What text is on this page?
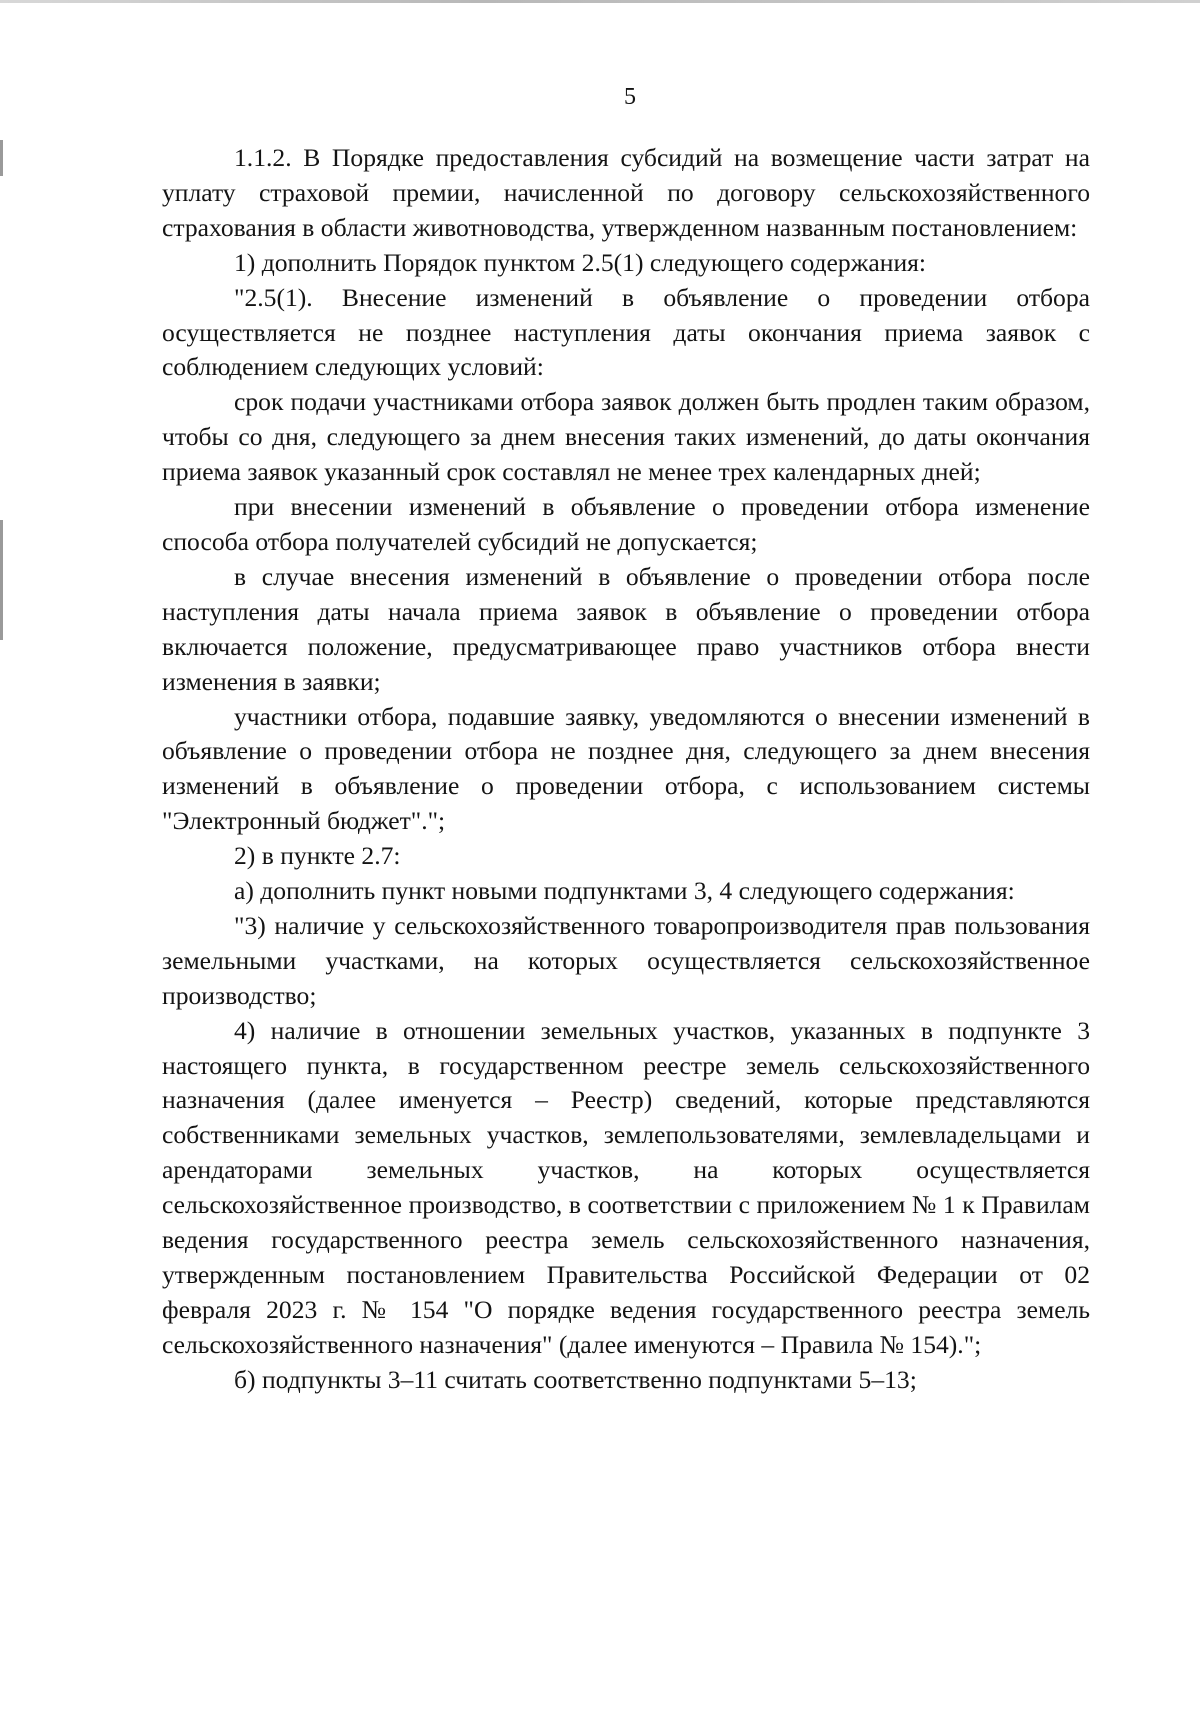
5

1.1.2. В Порядке предоставления субсидий на возмещение части затрат на уплату страховой премии, начисленной по договору сельскохозяйственного страхования в области животноводства, утвержденном названным постановлением:

1) дополнить Порядок пунктом 2.5(1) следующего содержания:

"2.5(1). Внесение изменений в объявление о проведении отбора осуществляется не позднее наступления даты окончания приема заявок с соблюдением следующих условий:

срок подачи участниками отбора заявок должен быть продлен таким образом, чтобы со дня, следующего за днем внесения таких изменений, до даты окончания приема заявок указанный срок составлял не менее трех календарных дней;

при внесении изменений в объявление о проведении отбора изменение способа отбора получателей субсидий не допускается;

в случае внесения изменений в объявление о проведении отбора после наступления даты начала приема заявок в объявление о проведении отбора включается положение, предусматривающее право участников отбора внести изменения в заявки;

участники отбора, подавшие заявку, уведомляются о внесении изменений в объявление о проведении отбора не позднее дня, следующего за днем внесения изменений в объявление о проведении отбора, с использованием системы "Электронный бюджет".";

2) в пункте 2.7:

а) дополнить пункт новыми подпунктами 3, 4 следующего содержания:

"3) наличие у сельскохозяйственного товаропроизводителя прав пользования земельными участками, на которых осуществляется сельскохозяйственное производство;

4) наличие в отношении земельных участков, указанных в подпункте 3 настоящего пункта, в государственном реестре земель сельскохозяйственного назначения (далее именуется – Реестр) сведений, которые представляются собственниками земельных участков, землепользователями, землевладельцами и арендаторами земельных участков, на которых осуществляется сельскохозяйственное производство, в соответствии с приложением № 1 к Правилам ведения государственного реестра земель сельскохозяйственного назначения, утвержденным постановлением Правительства Российской Федерации от 02 февраля 2023 г. № 154 "О порядке ведения государственного реестра земель сельскохозяйственного назначения" (далее именуются – Правила № 154).";

б) подпункты 3–11 считать соответственно подпунктами 5–13;
